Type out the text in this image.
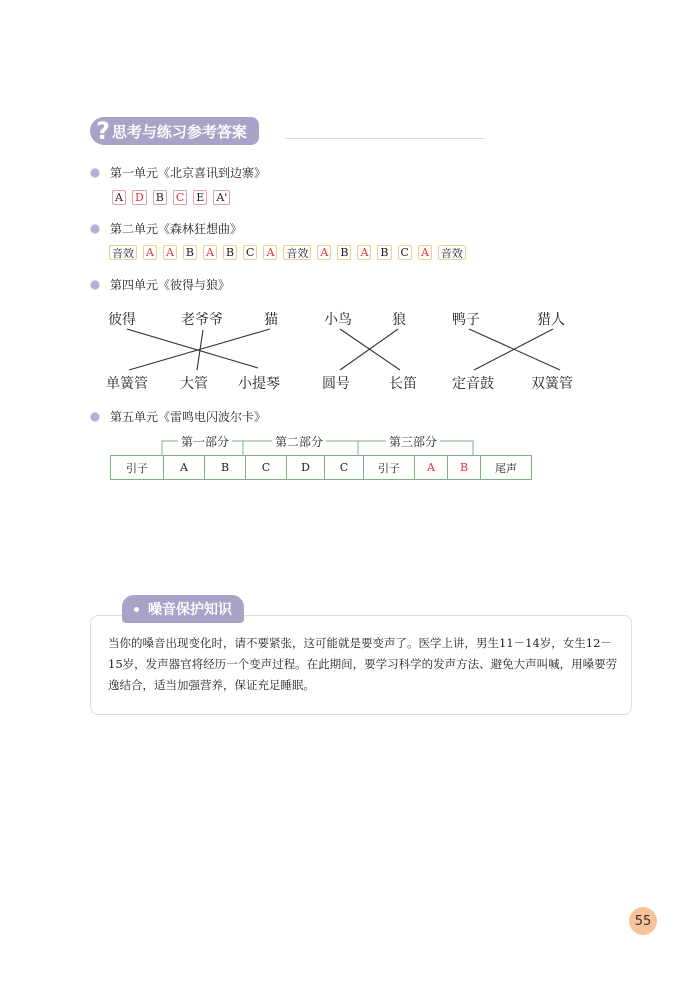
? 思考与练习参考答案
第一单元《北京喜讯到边寨》
A D B C E A'
第二单元《森林狂想曲》
音效 A A B A B C A 音效 A B A B C A 音效
第四单元《彼得与狼》
彼得	老爷爷	猫	小鸟	狼	鸭子	猎人
单簧管 大管 小提琴	圆号	长笛	定音鼓	双簧管
第五单元《雷鸣电闪波尔卡》
第一部分	第二部分	第三部分
引子	A	B	C	D	C	引子	A	B	尾声
噪音保护知识
当你的嗓音出现变化时，请不要紧张，这可能就是要变声了。医学上讲，男生11－14岁，女生12－15岁，发声器官将经历一个变声过程。在此期间，要学习科学的发声方法、避免大声叫喊，用嗓要劳逸结合，适当加强营养，保证充足睡眠。
55
